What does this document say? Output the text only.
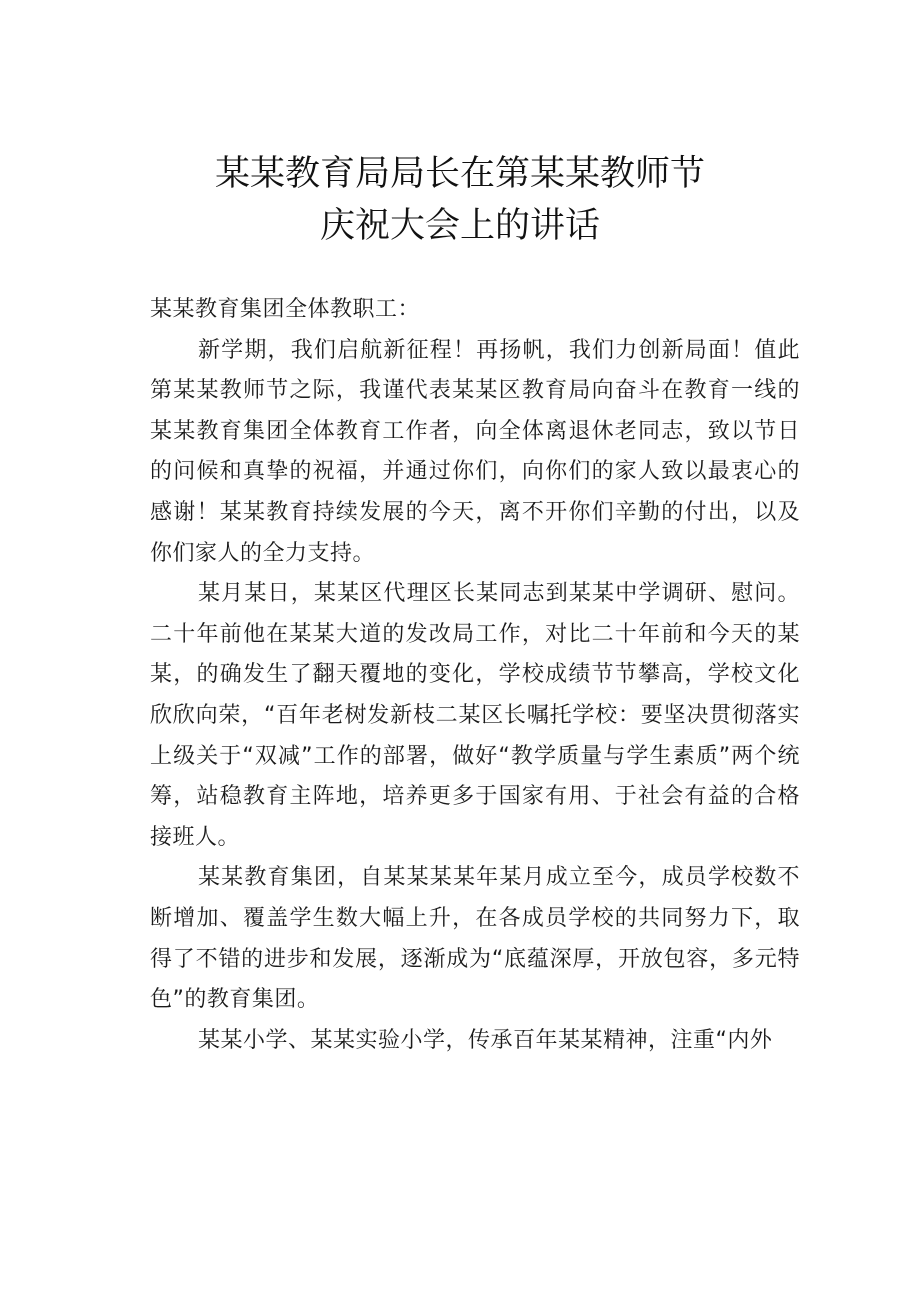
某某教育局局长在第某某教师节
庆祝大会上的讲话

某某教育集团全体教职工：

新学期，我们启航新征程！再扬帆，我们力创新局面！值此第某某教师节之际，我谨代表某某区教育局向奋斗在教育一线的某某教育集团全体教育工作者，向全体离退休老同志，致以节日的问候和真挚的祝福，并通过你们，向你们的家人致以最衷心的感谢！某某教育持续发展的今天，离不开你们辛勤的付出，以及你们家人的全力支持。

某月某日，某某区代理区长某同志到某某中学调研、慰问。二十年前他在某某大道的发改局工作，对比二十年前和今天的某某，的确发生了翻天覆地的变化，学校成绩节节攀高，学校文化欣欣向荣，“百年老树发新枝二某区长嘱托学校：要坚决贯彻落实上级关于“双减”工作的部署，做好“教学质量与学生素质”两个统筹，站稳教育主阵地，培养更多于国家有用、于社会有益的合格接班人。

某某教育集团，自某某某某年某月成立至今，成员学校数不断增加、覆盖学生数大幅上升，在各成员学校的共同努力下，取得了不错的进步和发展，逐渐成为“底蕴深厚，开放包容，多元特色”的教育集团。

某某小学、某某实验小学，传承百年某某精神，注重“内外
